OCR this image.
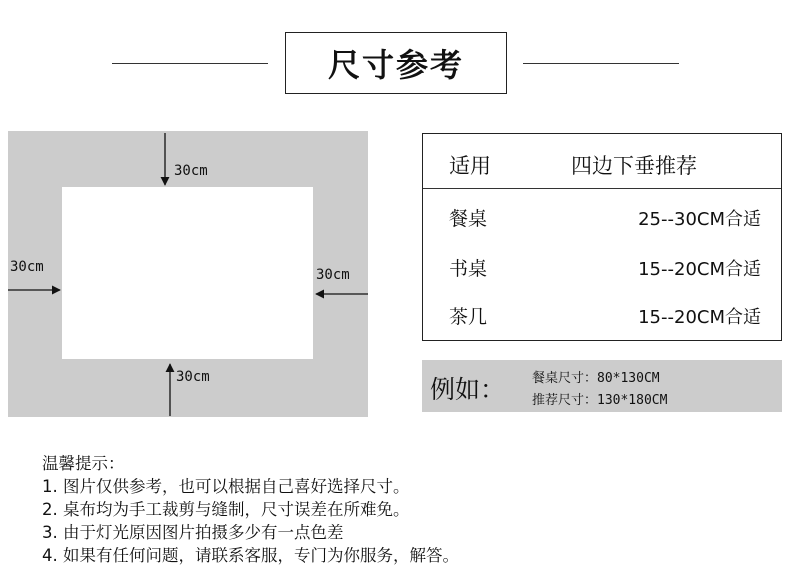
尺寸参考
30cm
30cm	30cm
30cm
适用	四边下垂推荐
餐桌	25--30CM合适
书桌	15--20CM合适
茶几	15--20CM合适
例如： 餐桌尺寸：80*130CM
推荐尺寸：130*180CM
温馨提示：
1. 图片仅供参考，也可以根据自己喜好选择尺寸。
2. 桌布均为手工裁剪与缝制，尺寸误差在所难免。
3. 由于灯光原因图片拍摄多少有一点色差
4. 如果有任何问题，请联系客服，专门为你服务，解答。
